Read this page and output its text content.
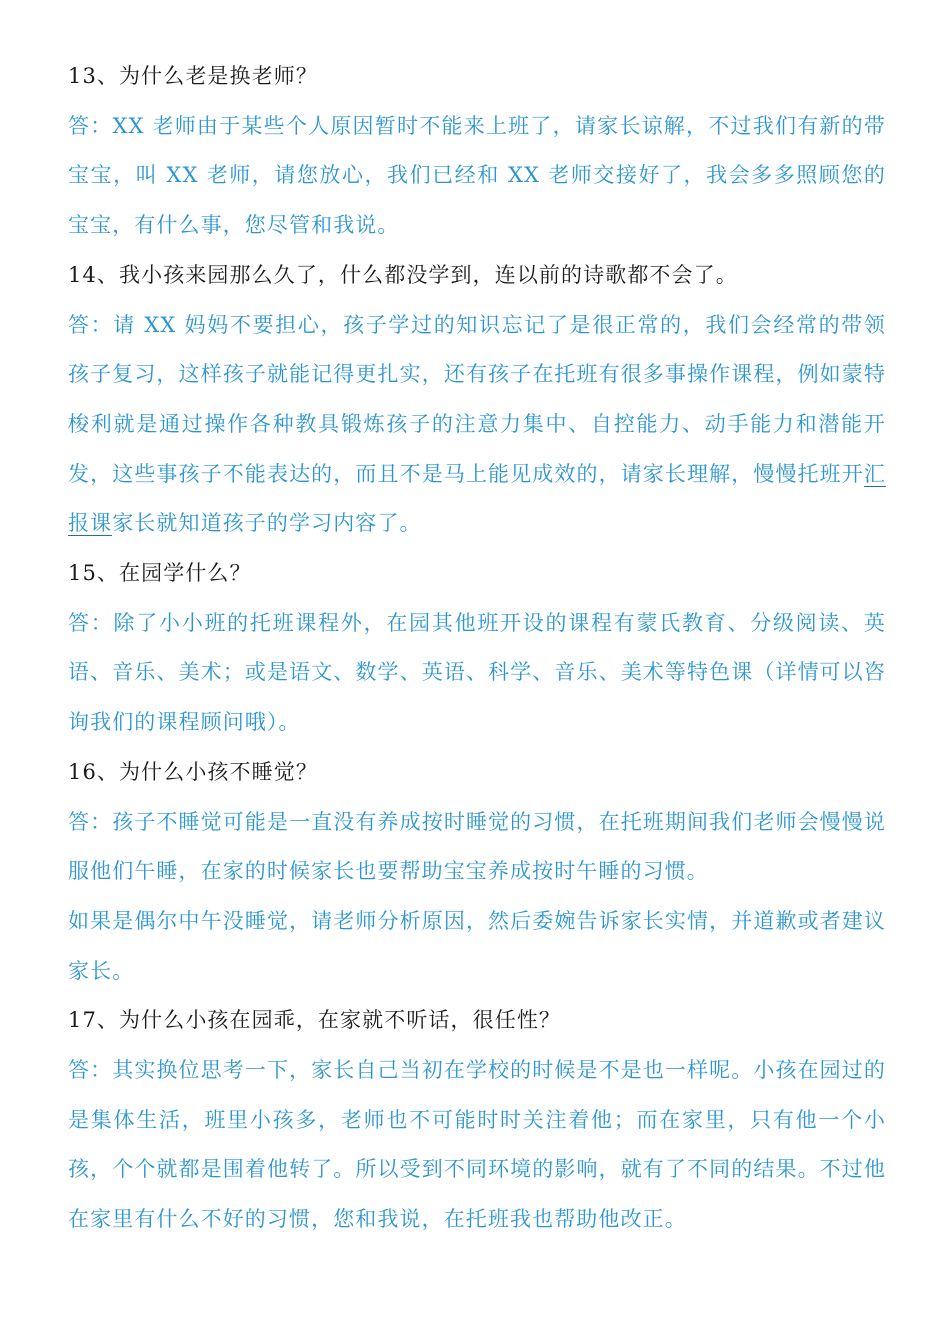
13、为什么老是换老师？

答：XX 老师由于某些个人原因暂时不能来上班了，请家长谅解，不过我们有新的带宝宝，叫 XX 老师，请您放心，我们已经和 XX 老师交接好了，我会多多照顾您的宝宝，有什么事，您尽管和我说。

14、我小孩来园那么久了，什么都没学到，连以前的诗歌都不会了。

答：请 XX 妈妈不要担心，孩子学过的知识忘记了是很正常的，我们会经常的带领孩子复习，这样孩子就能记得更扎实，还有孩子在托班有很多事操作课程，例如蒙特梭利就是通过操作各种教具锻炼孩子的注意力集中、自控能力、动手能力和潜能开发，这些事孩子不能表达的，而且不是马上能见成效的，请家长理解，慢慢托班开汇报课家长就知道孩子的学习内容了。

15、在园学什么？

答：除了小小班的托班课程外，在园其他班开设的课程有蒙氏教育、分级阅读、英语、音乐、美术；或是语文、数学、英语、科学、音乐、美术等特色课（详情可以咨询我们的课程顾问哦）。

16、为什么小孩不睡觉？

答：孩子不睡觉可能是一直没有养成按时睡觉的习惯，在托班期间我们老师会慢慢说服他们午睡，在家的时候家长也要帮助宝宝养成按时午睡的习惯。

如果是偶尔中午没睡觉，请老师分析原因，然后委婉告诉家长实情，并道歉或者建议家长。

17、为什么小孩在园乖，在家就不听话，很任性？

答：其实换位思考一下，家长自己当初在学校的时候是不是也一样呢。小孩在园过的是集体生活，班里小孩多，老师也不可能时时关注着他；而在家里，只有他一个小孩，个个就都是围着他转了。所以受到不同环境的影响，就有了不同的结果。不过他在家里有什么不好的习惯，您和我说，在托班我也帮助他改正。
